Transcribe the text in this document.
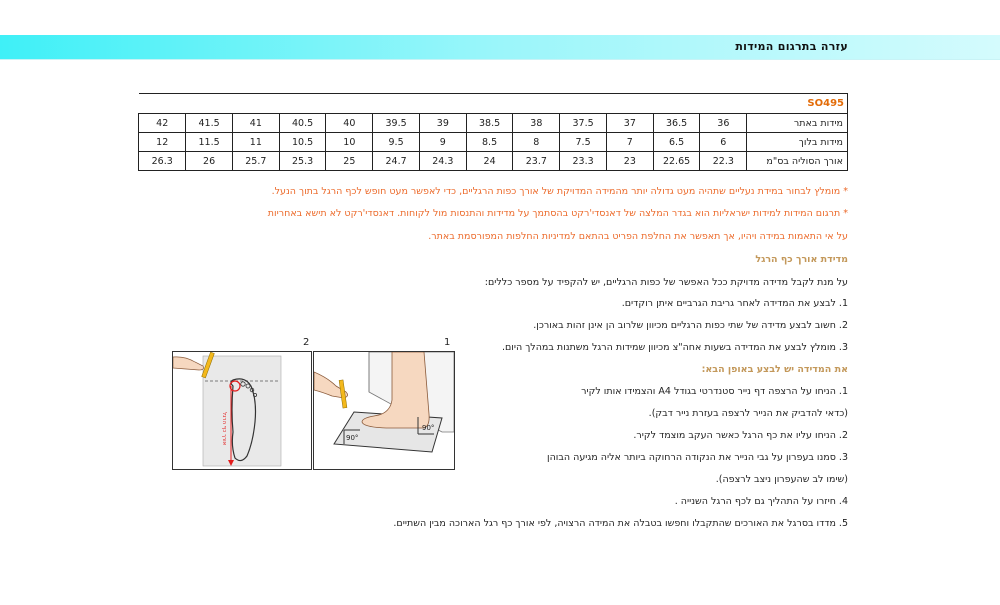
עזרה בתרגום המידות
SO495													
מידות באתר	36	36.5	37	37.5	38	38.5	39	39.5	40	40.5	41	41.5	42
מידות בלוך	6	6.5	7	7.5	8	8.5	9	9.5	10	10.5	11	11.5	12
אורך הסוליה בס"מ	22.3	22.65	23	23.3	23.7	24	24.3	24.7	25	25.3	25.7	26	26.3
* מומלץ לבחור במידת נעליים שתהיה מעט גדולה יותר מהמידה המדויקת של אורך כפות הרגליים, כדי לאפשר מעט חופש לכף הרגל בתוך הנעל.
* תרגום המידות למידות ישראליות הוא בגדר המלצה של דאנסדי'רקט בהסתמך על מדידות והתנסות מול לקוחות. דאנסדי'רקט לא תישא באחריות
על אי התאמות במידה ויהיו, אך תאפשר את החלפת הפריט בהתאם למדיניות החלפות המפורסמת באתר.
מדידת אורך כף הרגל
על מנת לקבל מדידה מדויקת ככל האפשר של כפות הרגליים, יש להקפיד על מספר כללים:
1. לבצע את המדידה לאחר גריבת הגרביים איתן רוקדים.
2. חשוב לבצע מדידה של שתי כפות הרגליים מכיוון שלרוב הן אינן זהות באורכן.
3. מומלץ לבצע את המדידה בשעות אחה"צ מכיוון שמידות הרגל משתנות במהלך היום.
את המדידה יש לבצע באופן הבא:
1. הניחו על הרצפה דף נייר סטנדרטי בגודל A4 והצמידו אותו לקיר
(כדאי להדביק את הנייר לרצפה בעזרת נייר דבק).
2. הניחו עליו את כף הרגל כאשר העקב מוצמד לקיר.
3. סמנו בעפרון על גבי הנייר את הנקודה הרחוקה ביותר אליה מגיעה הבוהן
(שימו לב שהעפרון ניצב לרצפה).
4. חיזרו על התהליך גם לכף הרגל השנייה .
5. מדדו בסרגל את האורכים שהתקבלו וחפשו בטבלה את המידה הרצויה, לפי אורך כף רגל הארוכה מבין השתיים.
1
2
90°
90°
אורך כף הרגל
